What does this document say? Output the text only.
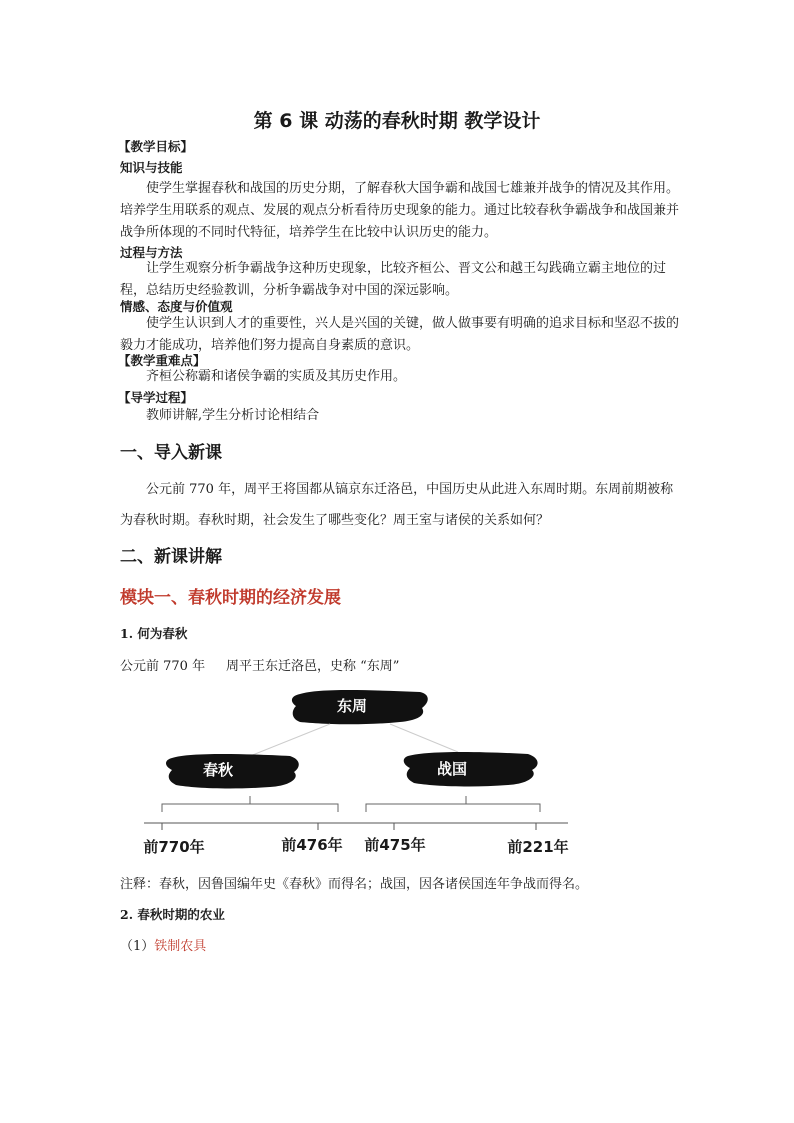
第 6 课 动荡的春秋时期 教学设计
【教学目标】
知识与技能
使学生掌握春秋和战国的历史分期，了解春秋大国争霸和战国七雄兼并战争的情况及其作用。培养学生用联系的观点、发展的观点分析看待历史现象的能力。通过比较春秋争霸战争和战国兼并战争所体现的不同时代特征，培养学生在比较中认识历史的能力。
过程与方法
让学生观察分析争霸战争这种历史现象，比较齐桓公、晋文公和越王勾践确立霸主地位的过程，总结历史经验教训，分析争霸战争对中国的深远影响。
情感、态度与价值观
使学生认识到人才的重要性，兴人是兴国的关键，做人做事要有明确的追求目标和坚忍不拔的毅力才能成功，培养他们努力提高自身素质的意识。
【教学重难点】
齐桓公称霸和诸侯争霸的实质及其历史作用。
【导学过程】
教师讲解,学生分析讨论相结合
一、导入新课
公元前 770 年，周平王将国都从镐京东迁洛邑，中国历史从此进入东周时期。东周前期被称为春秋时期。春秋时期，社会发生了哪些变化？周王室与诸侯的关系如何？
二、新课讲解
模块一、春秋时期的经济发展
1. 何为春秋
公元前 770 年 周平王东迁洛邑，史称 “东周”
东周
春秋	战国
前770年	前476年 前475年	前221年
注释：春秋，因鲁国编年史《春秋》而得名；战国，因各诸侯国连年争战而得名。
2. 春秋时期的农业
（1）铁制农具
